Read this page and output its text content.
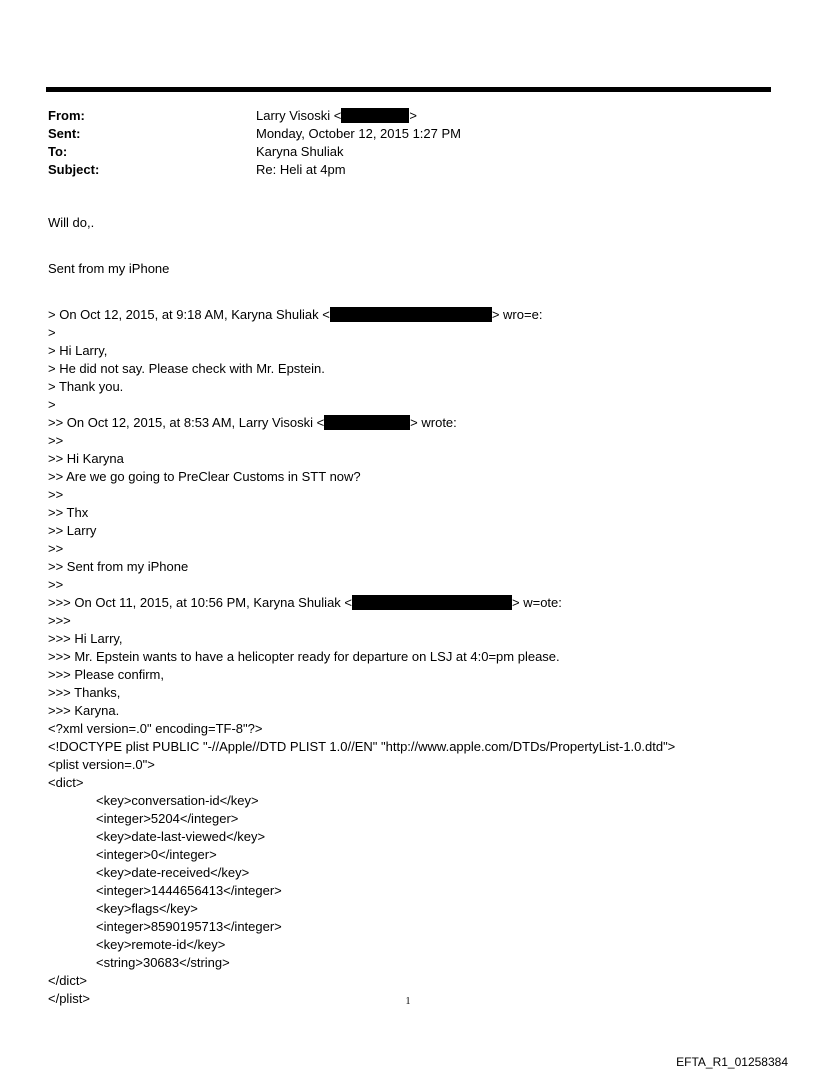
From:	Larry Visoski <	>
Sent:	Monday, October 12, 2015 1:27 PM
To:	Karyna Shuliak
Subject:	Re: Heli at 4pm
Will do,.
Sent from my iPhone
> On Oct 12, 2015, at 9:18 AM, Karyna Shuliak <	> wro=e:
>
> Hi Larry,
> He did not say. Please check with Mr. Epstein.
> Thank you.
>
>> On Oct 12, 2015, at 8:53 AM, Larry Visoski <	> wrote:
>>
>> Hi Karyna
>> Are we go going to PreClear Customs in STT now?
>>
>> Thx
>> Larry
>>
>> Sent from my iPhone
>>
>>> On Oct 11, 2015, at 10:56 PM, Karyna Shuliak <	> w=ote:
>>>
>>> Hi Larry,
>>> Mr. Epstein wants to have a helicopter ready for departure on LSJ at 4:0=pm please.
>>> Please confirm,
>>> Thanks,
>>> Karyna.
<?xml version=.0" encoding=TF-8"?>
<!DOCTYPE plist PUBLIC "-//Apple//DTD PLIST 1.0//EN" "http://www.apple.com/DTDs/PropertyList-1.0.dtd">
<plist version=.0">
<dict>
<key>conversation-id</key>
<integer>5204</integer>
<key>date-last-viewed</key>
<integer>0</integer>
<key>date-received</key>
<integer>1444656413</integer>
<key>flags</key>
<integer>8590195713</integer>
<key>remote-id</key>
<string>30683</string>
</dict>
</plist>	1
EFTA_R1_01258384
